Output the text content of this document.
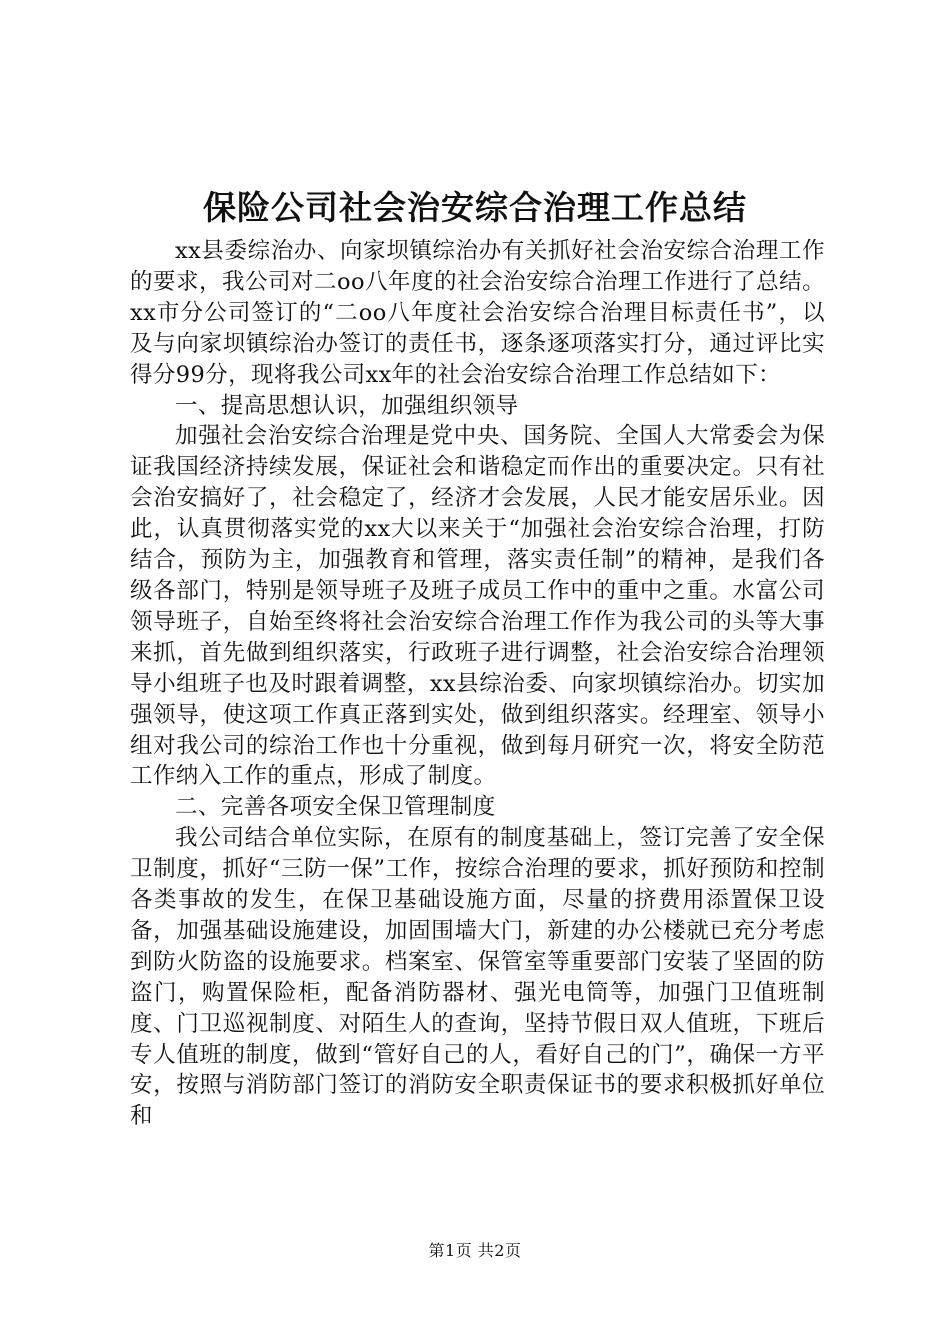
保险公司社会治安综合治理工作总结

xx县委综治办、向家坝镇综治办有关抓好社会治安综合治理工作的要求，我公司对二oo八年度的社会治安综合治理工作进行了总结。xx市分公司签订的“二oo八年度社会治安综合治理目标责任书”，以及与向家坝镇综治办签订的责任书，逐条逐项落实打分，通过评比实得分99分，现将我公司xx年的社会治安综合治理工作总结如下：

一、提高思想认识，加强组织领导

加强社会治安综合治理是党中央、国务院、全国人大常委会为保证我国经济持续发展，保证社会和谐稳定而作出的重要决定。只有社会治安搞好了，社会稳定了，经济才会发展，人民才能安居乐业。因此，认真贯彻落实党的xx大以来关于“加强社会治安综合治理，打防结合，预防为主，加强教育和管理，落实责任制”的精神，是我们各级各部门，特别是领导班子及班子成员工作中的重中之重。水富公司领导班子，自始至终将社会治安综合治理工作作为我公司的头等大事来抓，首先做到组织落实，行政班子进行调整，社会治安综合治理领导小组班子也及时跟着调整，xx县综治委、向家坝镇综治办。切实加强领导，使这项工作真正落到实处，做到组织落实。经理室、领导小组对我公司的综治工作也十分重视，做到每月研究一次，将安全防范工作纳入工作的重点，形成了制度。

二、完善各项安全保卫管理制度

我公司结合单位实际，在原有的制度基础上，签订完善了安全保卫制度，抓好“三防一保”工作，按综合治理的要求，抓好预防和控制各类事故的发生，在保卫基础设施方面，尽量的挤费用添置保卫设备，加强基础设施建设，加固围墙大门，新建的办公楼就已充分考虑到防火防盗的设施要求。档案室、保管室等重要部门安装了坚固的防盗门，购置保险柜，配备消防器材、强光电筒等，加强门卫值班制度、门卫巡视制度、对陌生人的查询，坚持节假日双人值班，下班后专人值班的制度，做到“管好自己的人，看好自己的门”，确保一方平安，按照与消防部门签订的消防安全职责保证书的要求积极抓好单位和

第1页 共2页
